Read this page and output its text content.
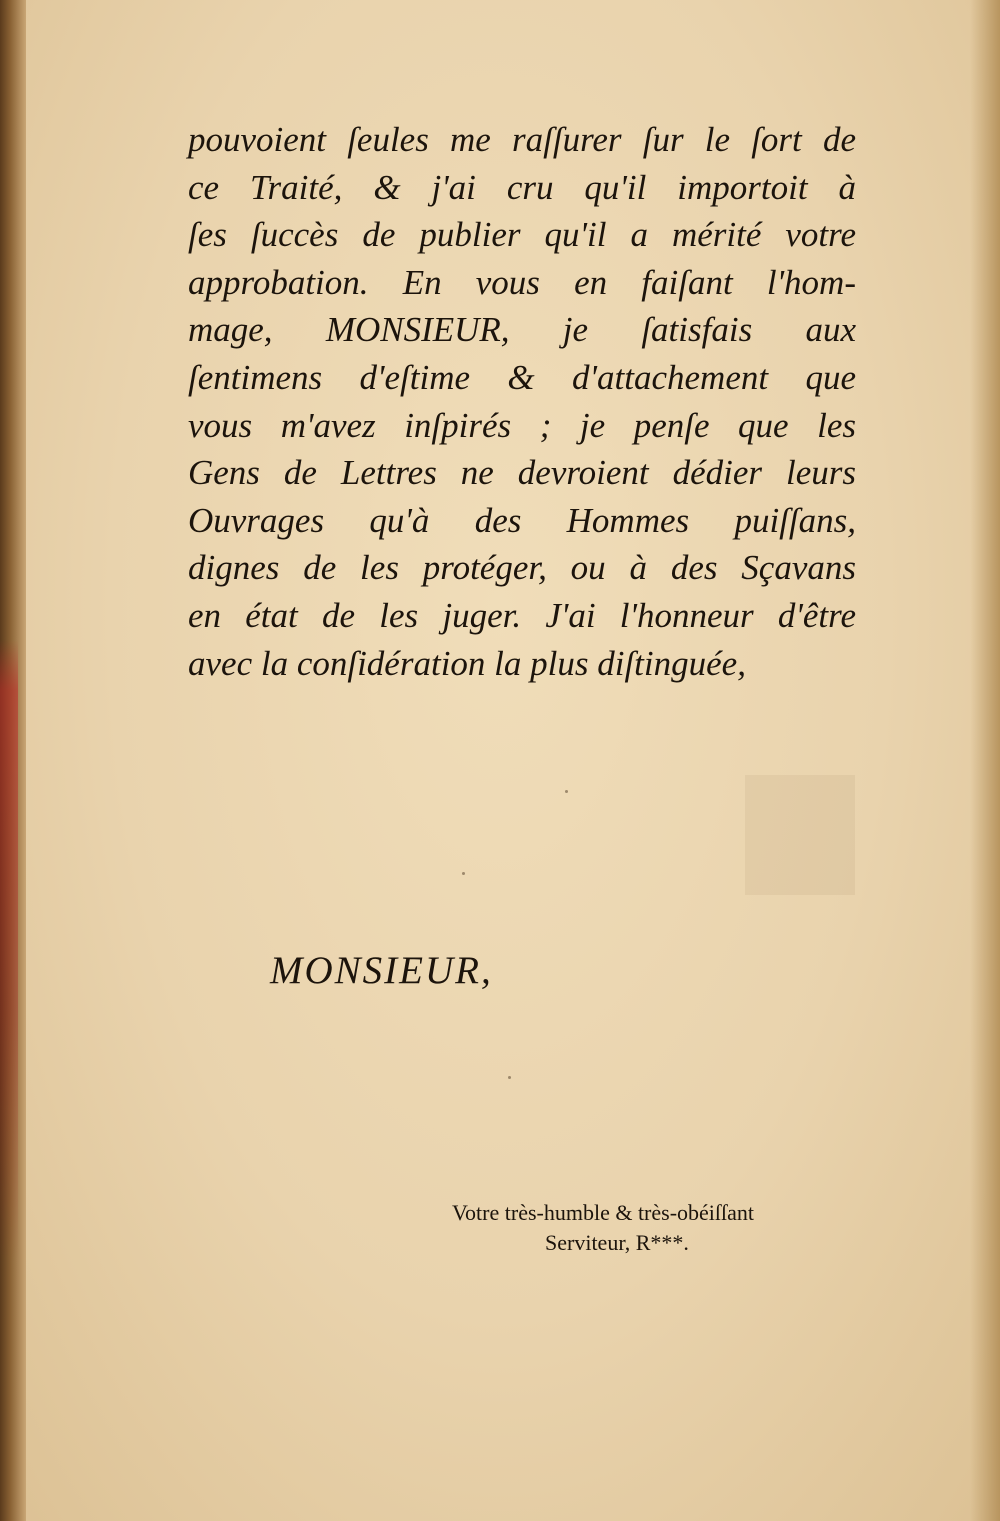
pouvoient ſeules me raſſurer ſur le ſort de
ce Traité, & j'ai cru qu'il importoit à
ſes ſuccès de publier qu'il a mérité votre
approbation. En vous en faiſant l'hom-
mage, MONSIEUR, je ſatisfais aux
ſentimens d'eſtime & d'attachement que
vous m'avez inſpirés ; je penſe que les
Gens de Lettres ne devroient dédier leurs
Ouvrages qu'à des Hommes puiſſans,
dignes de les protéger, ou à des Sçavans
en état de les juger. J'ai l'honneur d'être
avec la conſidération la plus diſtinguée,
MONSIEUR,
Votre très-humble & très-obéiſſant
Serviteur, R***.
